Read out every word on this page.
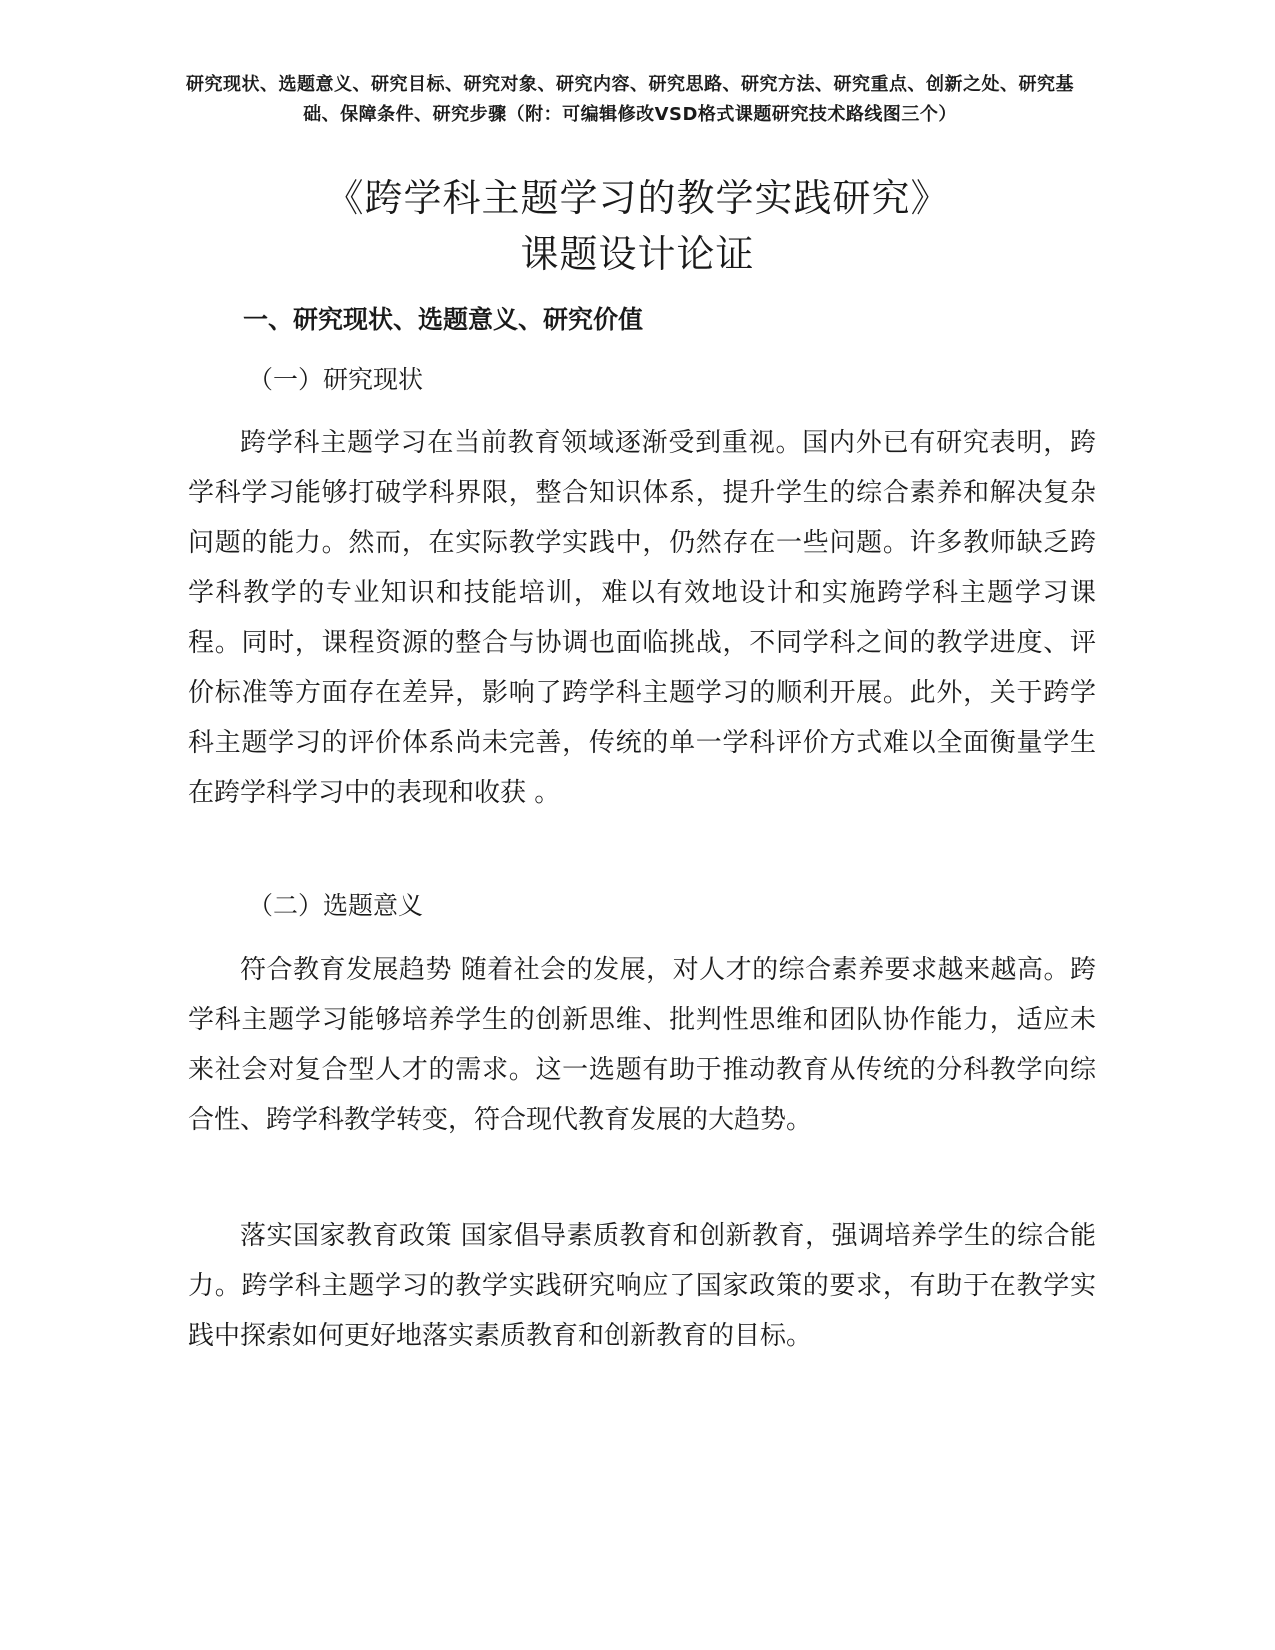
研究现状、选题意义、研究目标、研究对象、研究内容、研究思路、研究方法、研究重点、创新之处、研究基础、保障条件、研究步骤（附：可编辑修改VSD格式课题研究技术路线图三个）
《跨学科主题学习的教学实践研究》
课题设计论证
一、研究现状、选题意义、研究价值
（一）研究现状

跨学科主题学习在当前教育领域逐渐受到重视。国内外已有研究表明，跨学科学习能够打破学科界限，整合知识体系，提升学生的综合素养和解决复杂问题的能力。然而，在实际教学实践中，仍然存在一些问题。许多教师缺乏跨学科教学的专业知识和技能培训，难以有效地设计和实施跨学科主题学习课程。同时，课程资源的整合与协调也面临挑战，不同学科之间的教学进度、评价标准等方面存在差异，影响了跨学科主题学习的顺利开展。此外，关于跨学科主题学习的评价体系尚未完善，传统的单一学科评价方式难以全面衡量学生在跨学科学习中的表现和收获 。

（二）选题意义

符合教育发展趋势 随着社会的发展，对人才的综合素养要求越来越高。跨学科主题学习能够培养学生的创新思维、批判性思维和团队协作能力，适应未来社会对复合型人才的需求。这一选题有助于推动教育从传统的分科教学向综合性、跨学科教学转变，符合现代教育发展的大趋势。

落实国家教育政策 国家倡导素质教育和创新教育，强调培养学生的综合能力。跨学科主题学习的教学实践研究响应了国家政策的要求，有助于在教学实践中探索如何更好地落实素质教育和创新教育的目标。
